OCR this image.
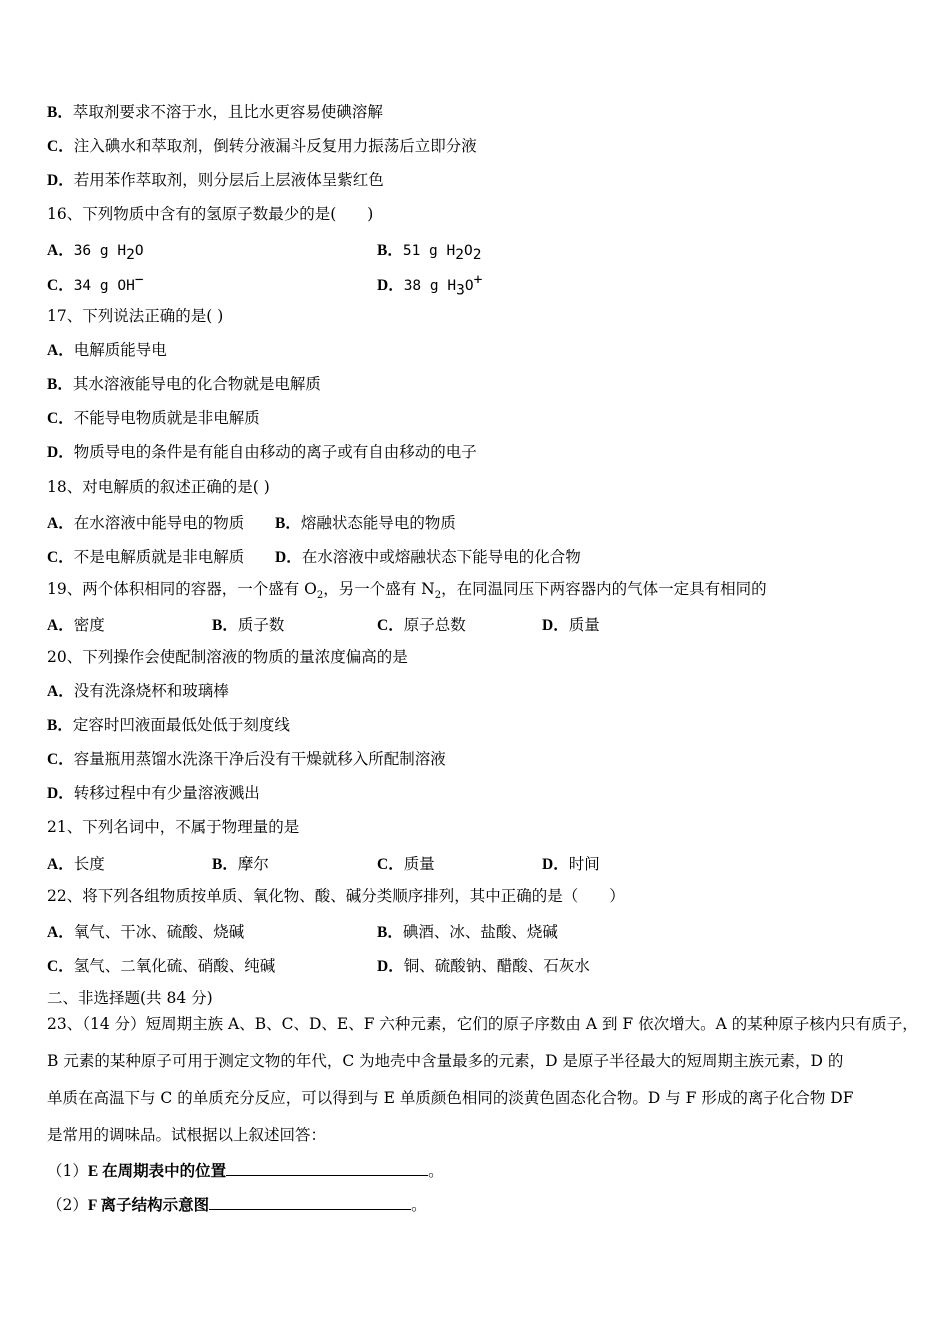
B．萃取剂要求不溶于水，且比水更容易使碘溶解
C．注入碘水和萃取剂，倒转分液漏斗反复用力振荡后立即分液
D．若用苯作萃取剂，则分层后上层液体呈紫红色
16、下列物质中含有的氢原子数最少的是(　　)
A．36 g $H_2O$	B．51 g $H_2O_2$
C．34 g OH−	D．38 g $H_3O^+$
17、下列说法正确的是( )
A．电解质能导电
B．其水溶液能导电的化合物就是电解质
C．不能导电物质就是非电解质
D．物质导电的条件是有能自由移动的离子或有自由移动的电子
18、对电解质的叙述正确的是( )
A．在水溶液中能导电的物质 B．熔融状态能导电的物质
C．不是电解质就是非电解质 D．在水溶液中或熔融状态下能导电的化合物
19、两个体积相同的容器，一个盛有 $O_2$，另一个盛有 $N_2$，在同温同压下两容器内的气体一定具有相同的
A．密度	B．质子数	C．原子总数	D．质量
20、下列操作会使配制溶液的物质的量浓度偏高的是
A．没有洗涤烧杯和玻璃棒
B．定容时凹液面最低处低于刻度线
C．容量瓶用蒸馏水洗涤干净后没有干燥就移入所配制溶液
D．转移过程中有少量溶液溅出
21、下列名词中，不属于物理量的是
A．长度	B．摩尔	C．质量	D．时间
22、将下列各组物质按单质、氧化物、酸、碱分类顺序排列，其中正确的是（　　）
A．氧气、干冰、硫酸、烧碱	B．碘酒、冰、盐酸、烧碱
C．氢气、二氧化硫、硝酸、纯碱	D．铜、硫酸钠、醋酸、石灰水
二、非选择题(共 84 分)
23、（14 分）短周期主族 A、B、C、D、E、F 六种元素，它们的原子序数由 A 到 F 依次增大。A 的某种原子核内只有质子，
B 元素的某种原子可用于测定文物的年代，C 为地壳中含量最多的元素，D 是原子半径最大的短周期主族元素，D 的
单质在高温下与 C 的单质充分反应，可以得到与 E 单质颜色相同的淡黄色固态化合物。D 与 F 形成的离子化合物 DF
是常用的调味品。试根据以上叙述回答：
（1）E 在周期表中的位置	。
（2）F 离子结构示意图	。
